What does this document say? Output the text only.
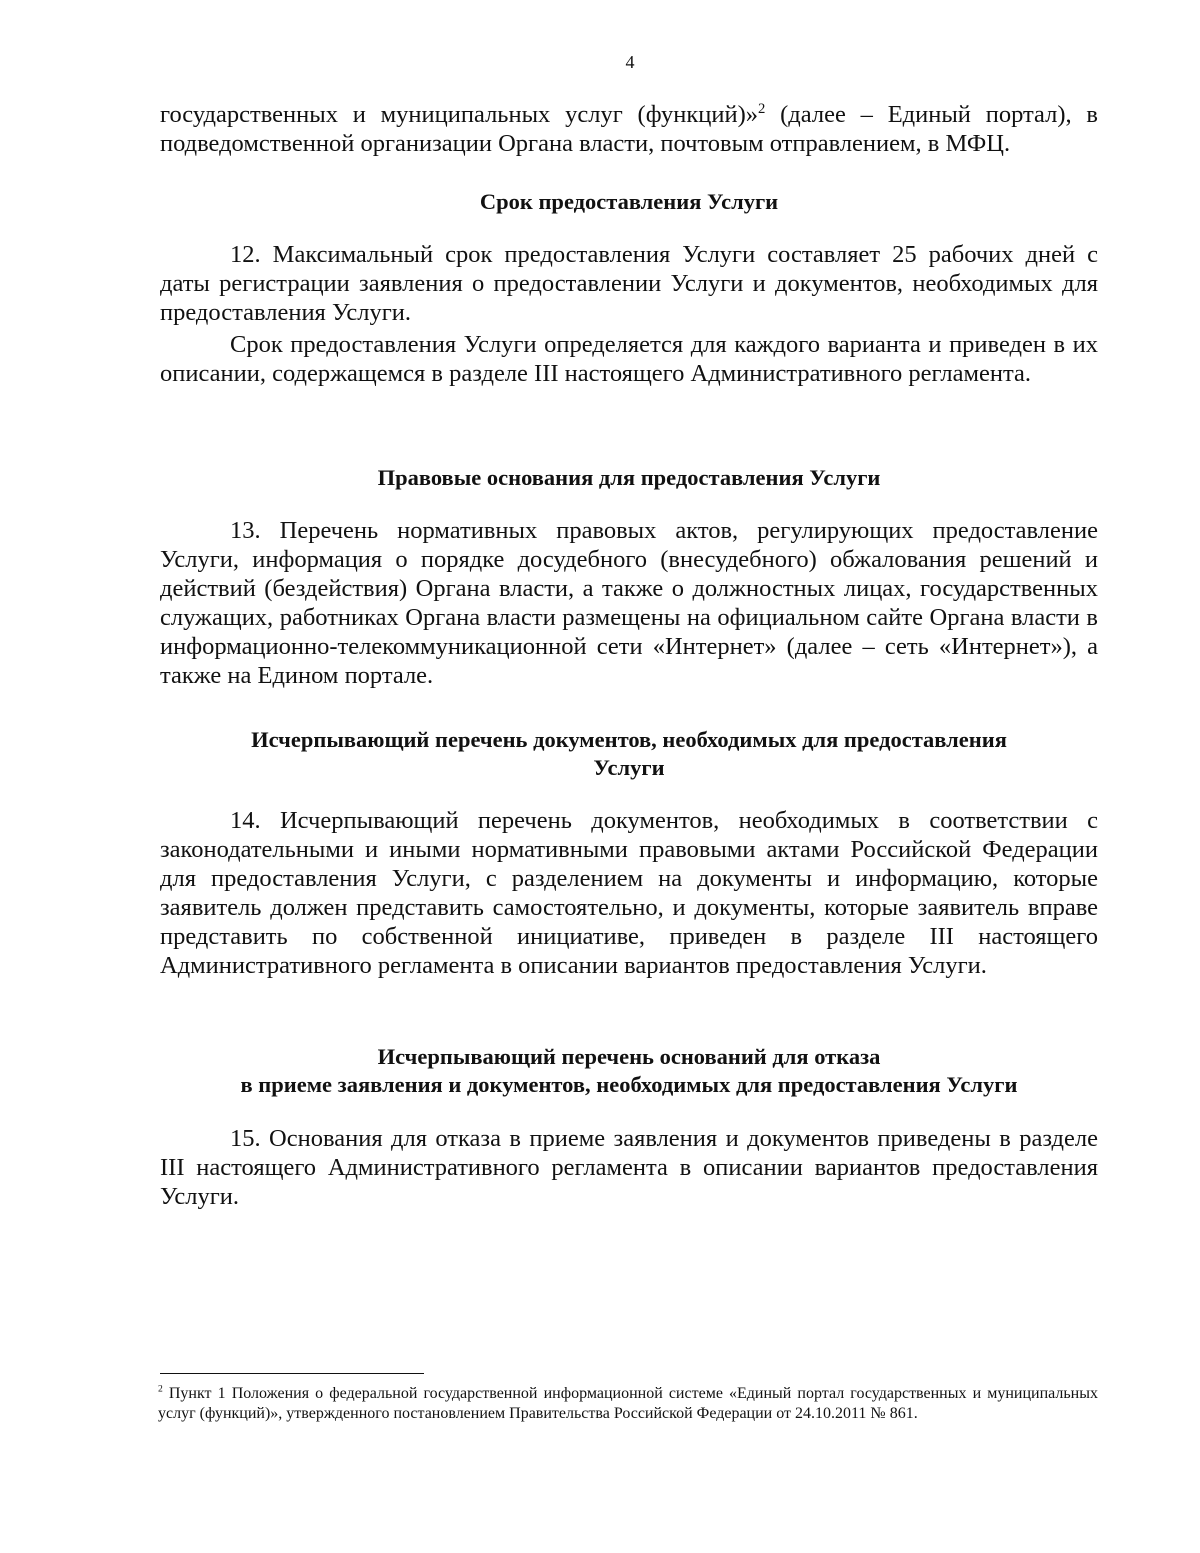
4

государственных и муниципальных услуг (функций)»$^2$ (далее – Единый портал), в подведомственной организации Органа власти, почтовым отправлением, в МФЦ.

Срок предоставления Услуги

12. Максимальный срок предоставления Услуги составляет 25 рабочих дней с даты регистрации заявления о предоставлении Услуги и документов, необходимых для предоставления Услуги.

Срок предоставления Услуги определяется для каждого варианта и приведен в их описании, содержащемся в разделе III настоящего Административного регламента.

Правовые основания для предоставления Услуги

13. Перечень нормативных правовых актов, регулирующих предоставление Услуги, информация о порядке досудебного (внесудебного) обжалования решений и действий (бездействия) Органа власти, а также о должностных лицах, государственных служащих, работниках Органа власти размещены на официальном сайте Органа власти в информационно-телекоммуникационной сети «Интернет» (далее – сеть «Интернет»), а также на Едином портале.

Исчерпывающий перечень документов, необходимых для предоставления
Услуги

14. Исчерпывающий перечень документов, необходимых в соответствии с законодательными и иными нормативными правовыми актами Российской Федерации для предоставления Услуги, с разделением на документы и информацию, которые заявитель должен представить самостоятельно, и документы, которые заявитель вправе представить по собственной инициативе, приведен в разделе III настоящего Административного регламента в описании вариантов предоставления Услуги.

Исчерпывающий перечень оснований для отказа
в приеме заявления и документов, необходимых для предоставления Услуги

15. Основания для отказа в приеме заявления и документов приведены в разделе III настоящего Административного регламента в описании вариантов предоставления Услуги.

$^2$ Пункт 1 Положения о федеральной государственной информационной системе «Единый портал государственных и муниципальных услуг (функций)», утвержденного постановлением Правительства Российской Федерации от 24.10.2011 № 861.
